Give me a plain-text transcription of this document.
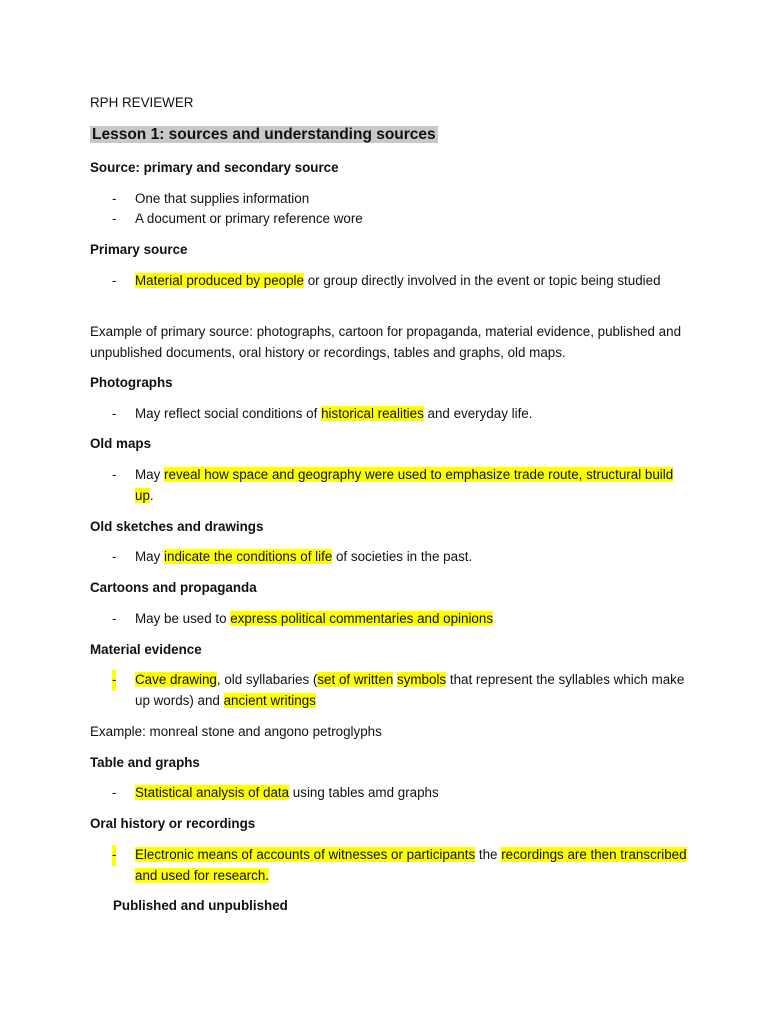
RPH REVIEWER
Lesson 1: sources and understanding sources
Source: primary and secondary source
- One that supplies information
- A document or primary reference wore
Primary source
- Material produced by people or group directly involved in the event or topic being studied
Example of primary source: photographs, cartoon for propaganda, material evidence, published and unpublished documents, oral history or recordings, tables and graphs, old maps.
Photographs
- May reflect social conditions of historical realities and everyday life.
Old maps
- May reveal how space and geography were used to emphasize trade route, structural build up.
Old sketches and drawings
- May indicate the conditions of life of societies in the past.
Cartoons and propaganda
- May be used to express political commentaries and opinions
Material evidence
- Cave drawing, old syllabaries (set of written symbols that represent the syllables which make up words) and ancient writings
Example: monreal stone and angono petroglyphs
Table and graphs
- Statistical analysis of data using tables amd graphs
Oral history or recordings
- Electronic means of accounts of witnesses or participants the recordings are then transcribed and used for research.
Published and unpublished
